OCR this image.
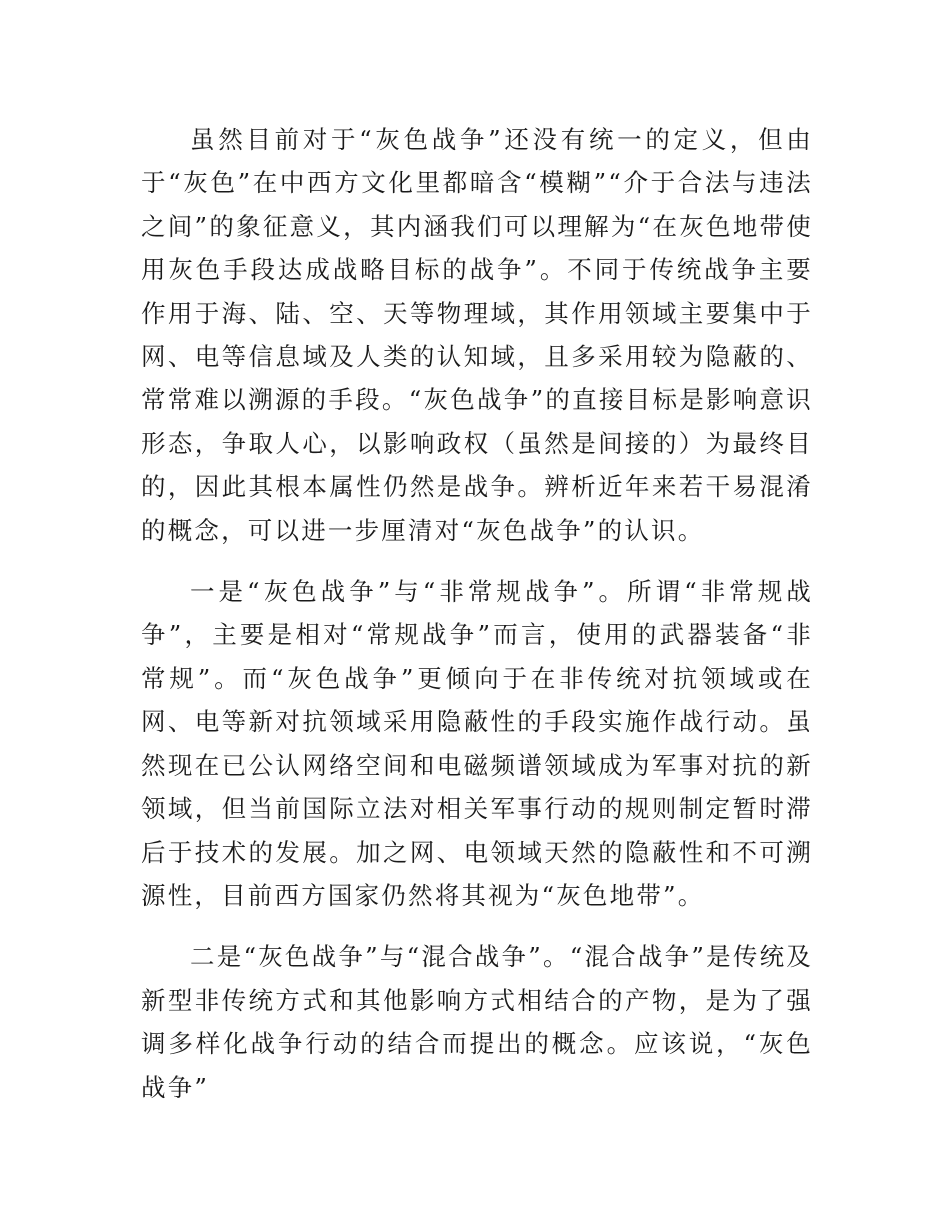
虽然目前对于“灰色战争”还没有统一的定义，但由于“灰色”在中西方文化里都暗含“模糊”“介于合法与违法之间”的象征意义，其内涵我们可以理解为“在灰色地带使用灰色手段达成战略目标的战争”。不同于传统战争主要作用于海、陆、空、天等物理域，其作用领域主要集中于网、电等信息域及人类的认知域，且多采用较为隐蔽的、常常难以溯源的手段。“灰色战争”的直接目标是影响意识形态，争取人心，以影响政权（虽然是间接的）为最终目的，因此其根本属性仍然是战争。辨析近年来若干易混淆的概念，可以进一步厘清对“灰色战争”的认识。

一是“灰色战争”与“非常规战争”。所谓“非常规战争”，主要是相对“常规战争”而言，使用的武器装备“非常规”。而“灰色战争”更倾向于在非传统对抗领域或在网、电等新对抗领域采用隐蔽性的手段实施作战行动。虽然现在已公认网络空间和电磁频谱领域成为军事对抗的新领域，但当前国际立法对相关军事行动的规则制定暂时滞后于技术的发展。加之网、电领域天然的隐蔽性和不可溯源性，目前西方国家仍然将其视为“灰色地带”。

二是“灰色战争”与“混合战争”。“混合战争”是传统及新型非传统方式和其他影响方式相结合的产物，是为了强调多样化战争行动的结合而提出的概念。应该说，“灰色战争”
